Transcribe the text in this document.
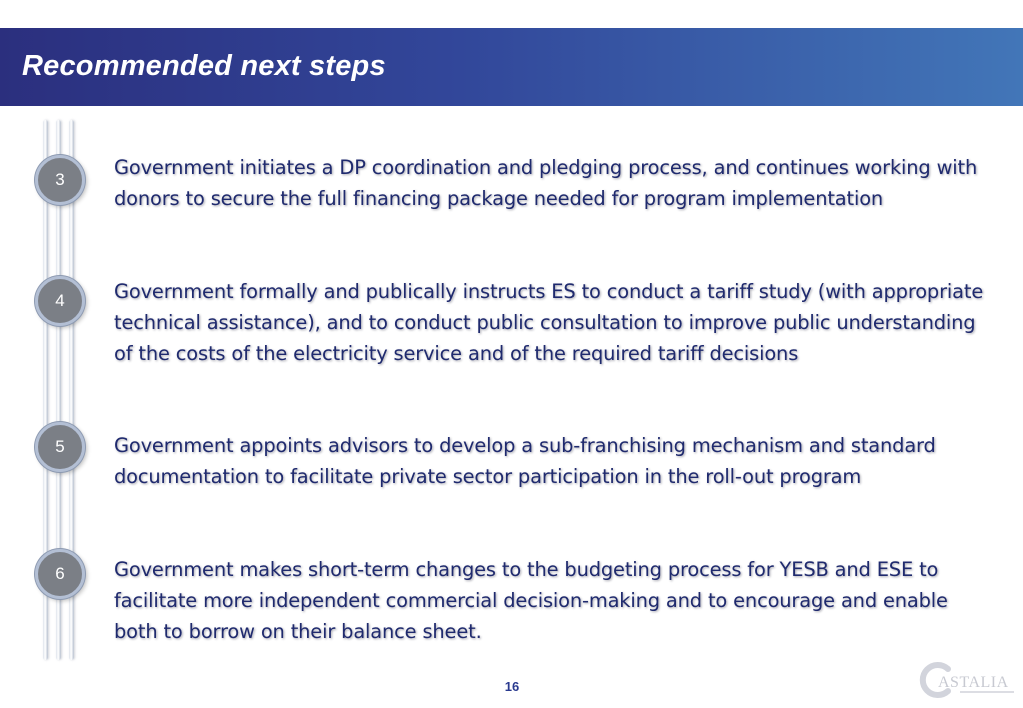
Recommended next steps
3
Government initiates a DP coordination and pledging process, and continues working with donors to secure the full financing package needed for program implementation
4	Government formally and publically instructs ES to conduct a tariff study (with appropriate technical assistance), and to conduct public consultation to improve public understanding of the costs of the electricity service and of the required tariff decisions
5	Government appoints advisors to develop a sub-franchising mechanism and standard documentation to facilitate private sector participation in the roll-out program
6	Government makes short-term changes to the budgeting process for YESB and ESE to facilitate more independent commercial decision-making and to encourage and enable both to borrow on their balance sheet.
16	ASTALIA
